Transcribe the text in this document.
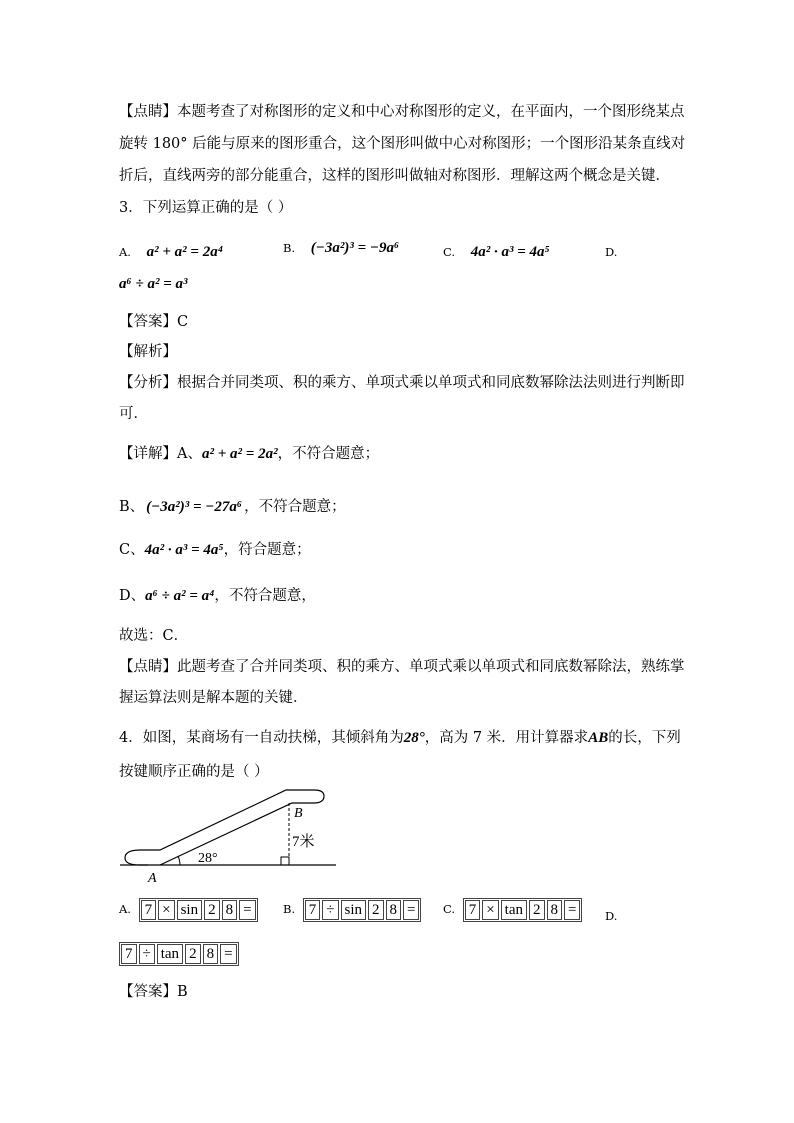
【点睛】本题考查了对称图形的定义和中心对称图形的定义，在平面内，一个图形绕某点
旋转 180° 后能与原来的图形重合，这个图形叫做中心对称图形；一个图形沿某条直线对
折后，直线两旁的部分能重合，这样的图形叫做轴对称图形．理解这两个概念是关键．
3．下列运算正确的是（ ）
A. a² + a² = 2a⁴	B. (−3a²)³ = −9a⁶	C. 4a² · a³ = 4a⁵	D.
a⁶ ÷ a² = a³
【答案】C
【解析】
【分析】根据合并同类项、积的乘方、单项式乘以单项式和同底数幂除法法则进行判断即
可．
【详解】A、a² + a² = 2a²，不符合题意；
B、 (−3a²)³ = −27a⁶ ，不符合题意；
C、4a² · a³ = 4a⁵，符合题意；
D、a⁶ ÷ a² = a⁴，不符合题意，
故选：C．
【点睛】此题考查了合并同类项、积的乘方、单项式乘以单项式和同底数幂除法，熟练掌
握运算法则是解本题的关键．
4．如图，某商场有一自动扶梯，其倾斜角为28°，高为 7 米．用计算器求AB的长，下列
按键顺序正确的是（ ）
B
A
7米
28°
A. 7 × sin 2 8 =	B. 7 ÷ sin 2 8 =	C. 7 × tan 2 8 =	D.
7 ÷ tan 2 8 =
【答案】B
